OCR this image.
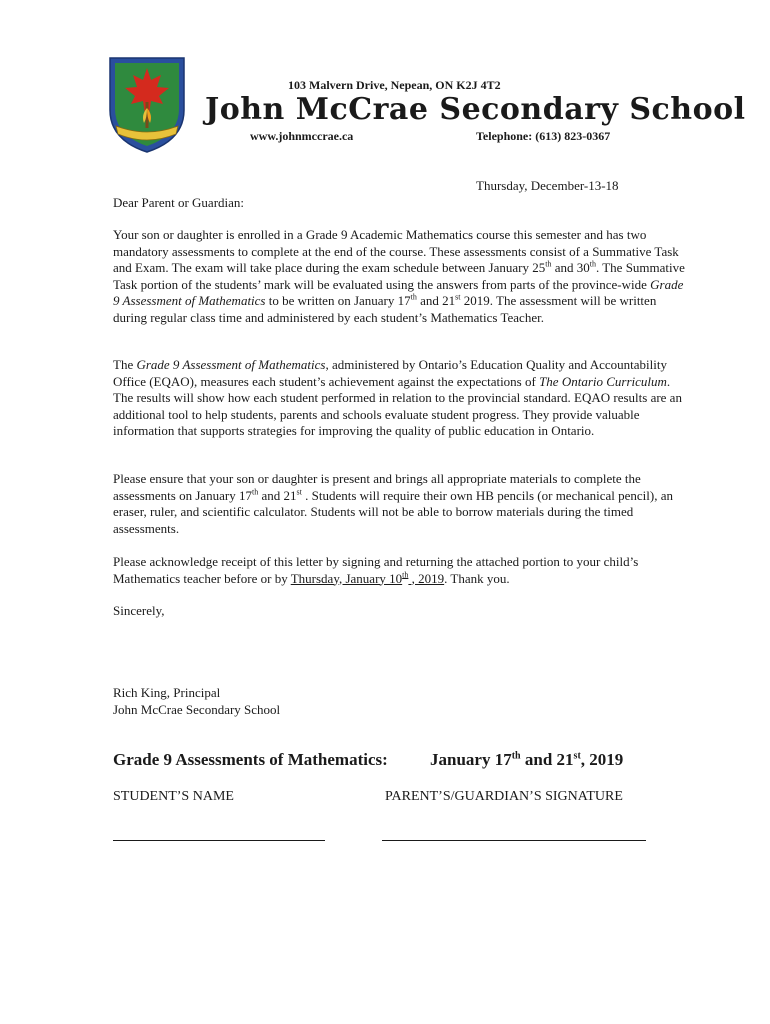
103 Malvern Drive, Nepean, ON K2J 4T2
John McCrae Secondary School
www.johnmccrae.ca	Telephone: (613) 823-0367
Thursday, December-13-18
Dear Parent or Guardian:

Your son or daughter is enrolled in a Grade 9 Academic Mathematics course this semester and has two mandatory assessments to complete at the end of the course. These assessments consist of a Summative Task and Exam. The exam will take place during the exam schedule between January 25th and 30th. The Summative Task portion of the students’ mark will be evaluated using the answers from parts of the province-wide Grade 9 Assessment of Mathematics to be written on January 17th and 21st 2019. The assessment will be written during regular class time and administered by each student’s Mathematics Teacher.

The Grade 9 Assessment of Mathematics, administered by Ontario’s Education Quality and Accountability Office (EQAO), measures each student’s achievement against the expectations of The Ontario Curriculum. The results will show how each student performed in relation to the provincial standard. EQAO results are an additional tool to help students, parents and schools evaluate student progress. They provide valuable information that supports strategies for improving the quality of public education in Ontario.

Please ensure that your son or daughter is present and brings all appropriate materials to complete the assessments on January 17th and 21st . Students will require their own HB pencils (or mechanical pencil), an eraser, ruler, and scientific calculator. Students will not be able to borrow materials during the timed assessments.

Please acknowledge receipt of this letter by signing and returning the attached portion to your child’s Mathematics teacher before or by Thursday, January 10th , 2019. Thank you.

Sincerely,
Rich King, Principal
John McCrae Secondary School
Grade 9 Assessments of Mathematics: January 17th and 21st, 2019
STUDENT’S NAME	PARENT’S/GUARDIAN’S SIGNATURE
